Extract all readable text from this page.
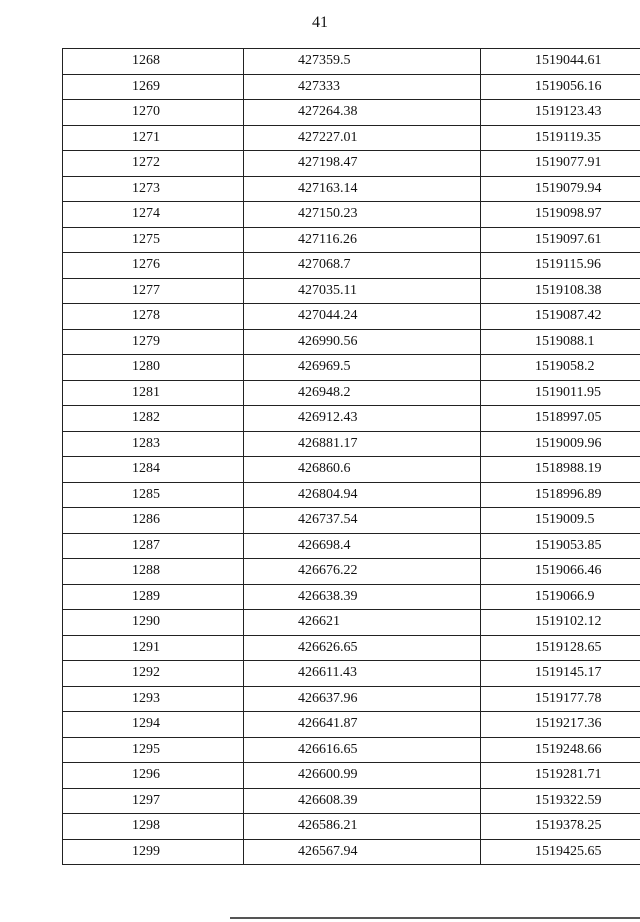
41
1268	427359.5	1519044.61
1269	427333	1519056.16
1270	427264.38	1519123.43
1271	427227.01	1519119.35
1272	427198.47	1519077.91
1273	427163.14	1519079.94
1274	427150.23	1519098.97
1275	427116.26	1519097.61
1276	427068.7	1519115.96
1277	427035.11	1519108.38
1278	427044.24	1519087.42
1279	426990.56	1519088.1
1280	426969.5	1519058.2
1281	426948.2	1519011.95
1282	426912.43	1518997.05
1283	426881.17	1519009.96
1284	426860.6	1518988.19
1285	426804.94	1518996.89
1286	426737.54	1519009.5
1287	426698.4	1519053.85
1288	426676.22	1519066.46
1289	426638.39	1519066.9
1290	426621	1519102.12
1291	426626.65	1519128.65
1292	426611.43	1519145.17
1293	426637.96	1519177.78
1294	426641.87	1519217.36
1295	426616.65	1519248.66
1296	426600.99	1519281.71
1297	426608.39	1519322.59
1298	426586.21	1519378.25
1299	426567.94	1519425.65
